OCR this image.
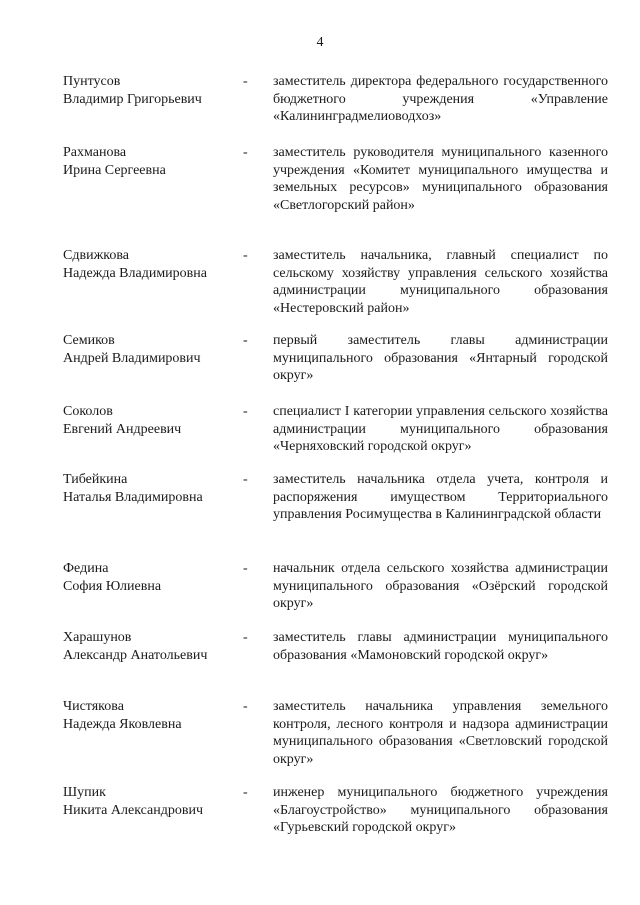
4
Пунтусов
Владимир Григорьевич
- заместитель директора федерального государственного бюджетного учреждения «Управление «Калининградмелиоводхоз»
Рахманова
Ирина Сергеевна
- заместитель руководителя муниципального казенного учреждения «Комитет муниципального имущества и земельных ресурсов» муниципального образования «Светлогорский район»
Сдвижкова
Надежда Владимировна
- заместитель начальника, главный специалист по сельскому хозяйству управления сельского хозяйства администрации муниципального образования «Нестеровский район»
Семиков
Андрей Владимирович
- первый заместитель главы администрации муниципального образования «Янтарный городской округ»
Соколов
Евгений Андреевич
- специалист I категории управления сельского хозяйства администрации муниципального образования «Черняховский городской округ»
Тибейкина
Наталья Владимировна
- заместитель начальника отдела учета, контроля и распоряжения имуществом Территориального управления Росимущества в Калининградской области
Федина
София Юлиевна
- начальник отдела сельского хозяйства администрации муниципального образования «Озёрский городской округ»
Харашунов
Александр Анатольевич
- заместитель главы администрации муниципального образования «Мамоновский городской округ»
Чистякова
Надежда Яковлевна
- заместитель начальника управления земельного контроля, лесного контроля и надзора администрации муниципального образования «Светловский городской округ»
Шупик
Никита Александрович
- инженер муниципального бюджетного учреждения «Благоустройство» муниципального образования «Гурьевский городской округ»
